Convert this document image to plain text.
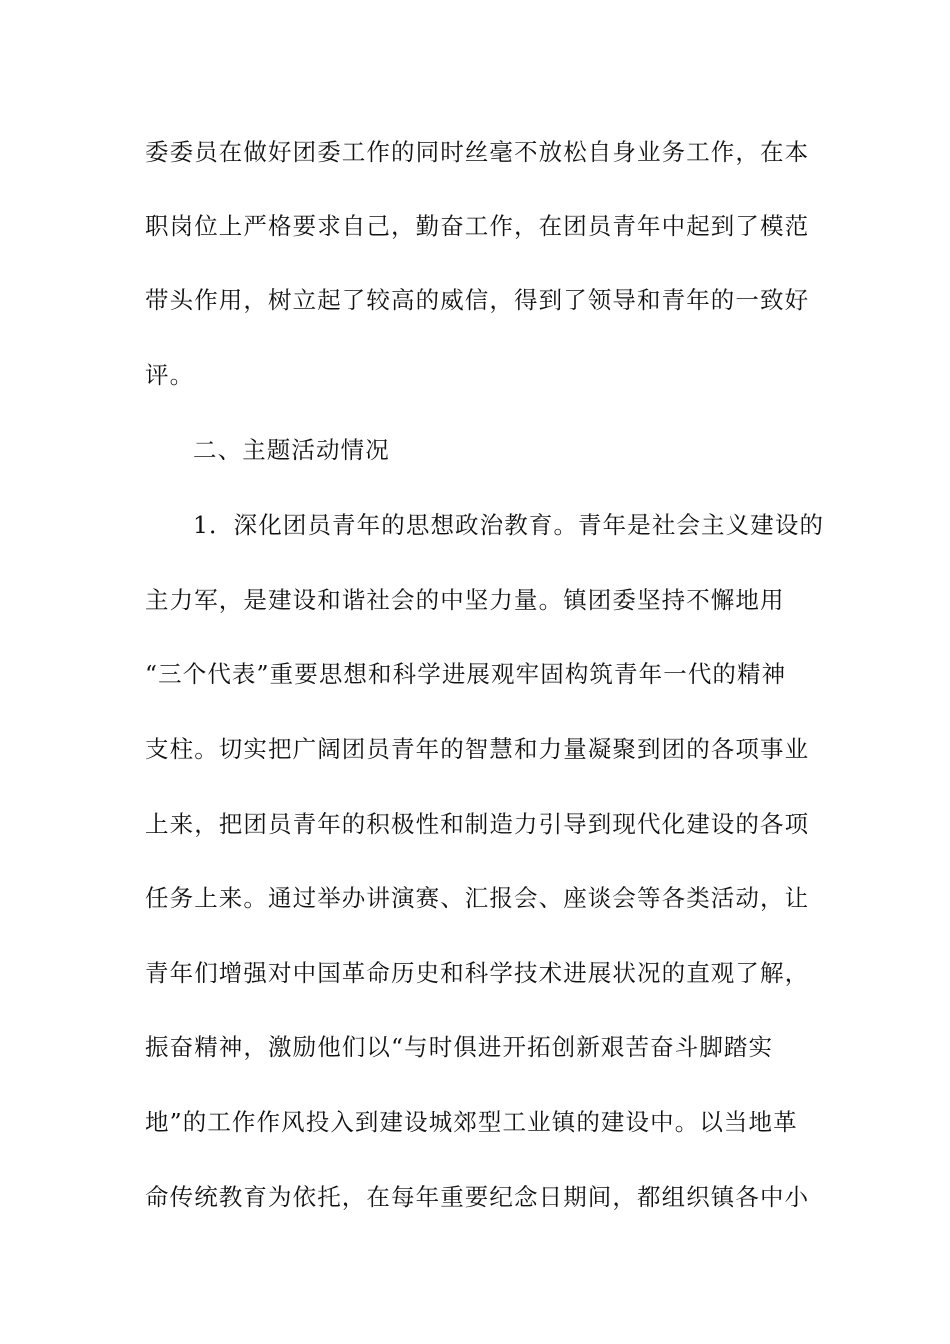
委委员在做好团委工作的同时丝毫不放松自身业务工作，在本
职岗位上严格要求自己，勤奋工作，在团员青年中起到了模范
带头作用，树立起了较高的威信，得到了领导和青年的一致好
评。
二、主题活动情况
1．深化团员青年的思想政治教育。青年是社会主义建设的
主力军，是建设和谐社会的中坚力量。镇团委坚持不懈地用
“三个代表”重要思想和科学进展观牢固构筑青年一代的精神
支柱。切实把广阔团员青年的智慧和力量凝聚到团的各项事业
上来，把团员青年的积极性和制造力引导到现代化建设的各项
任务上来。通过举办讲演赛、汇报会、座谈会等各类活动，让
青年们增强对中国革命历史和科学技术进展状况的直观了解，
振奋精神，激励他们以“与时俱进开拓创新艰苦奋斗脚踏实
地”的工作作风投入到建设城郊型工业镇的建设中。以当地革
命传统教育为依托，在每年重要纪念日期间，都组织镇各中小
